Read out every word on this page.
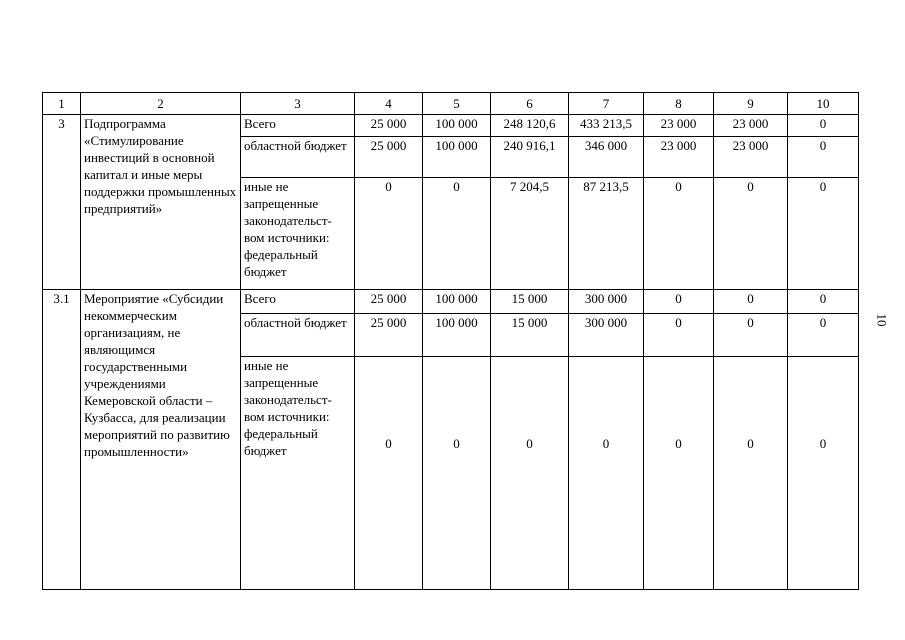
1	2	3	4	5	6	7	8	9	10
3	Подпрограмма «Стимулирование инвестиций в основной капитал и иные меры поддержки промышленных предприятий»	Всего	25 000	100 000	248 120,6	433 213,5	23 000	23 000	0
		областной бюджет	25 000	100 000	240 916,1	346 000	23 000	23 000	0
		иные не запрещенные законодательст-вом источники: федеральный бюджет	0	0	7 204,5	87 213,5	0	0	0
3.1	Мероприятие «Субсидии некоммерческим организациям, не являющимся государственными учреждениями Кемеровской области – Кузбасса, для реализации мероприятий по развитию промышленности»	Всего	25 000	100 000	15 000	300 000	0	0	0
		областной бюджет	25 000	100 000	15 000	300 000	0	0	0
		иные не запрещенные законодательст-вом источники: федеральный бюджет	0	0	0	0	0	0	0
10
